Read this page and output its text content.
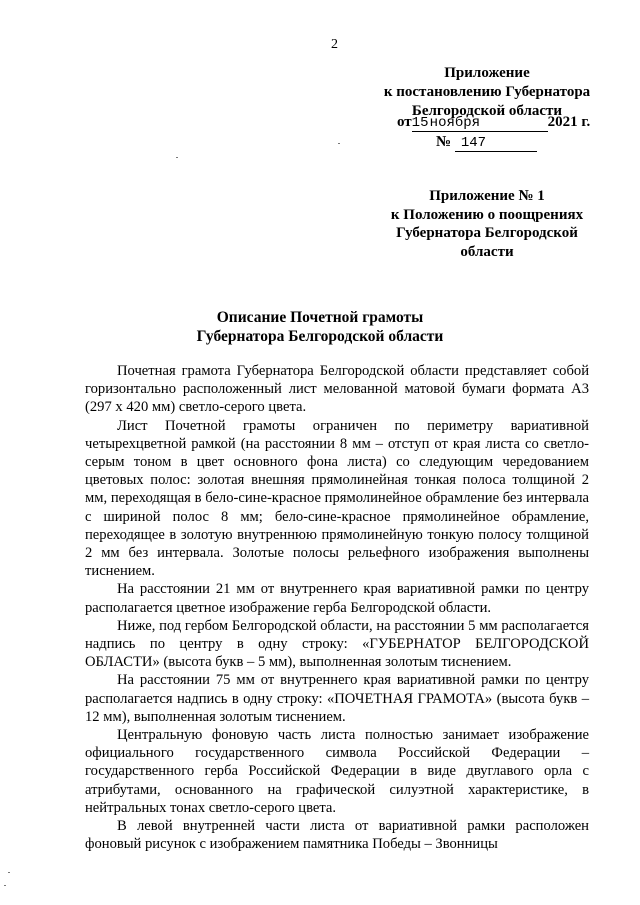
2
Приложение
к постановлению Губернатора
Белгородской области
от15ноября	2021 г.
№ 147
Приложение № 1
к Положению о поощрениях
Губернатора Белгородской
области
Описание Почетной грамоты
Губернатора Белгородской области

Почетная грамота Губернатора Белгородской области представляет собой горизонтально расположенный лист мелованной матовой бумаги формата А3 (297 х 420 мм) светло-серого цвета.

Лист Почетной грамоты ограничен по периметру вариативной четырехцветной рамкой (на расстоянии 8 мм – отступ от края листа со светло-серым тоном в цвет основного фона листа) со следующим чередованием цветовых полос: золотая внешняя прямолинейная тонкая полоса толщиной 2 мм, переходящая в бело-сине-красное прямолинейное обрамление без интервала с шириной полос 8 мм; бело-сине-красное прямолинейное обрамление, переходящее в золотую внутреннюю прямолинейную тонкую полосу толщиной 2 мм без интервала. Золотые полосы рельефного изображения выполнены тиснением.

На расстоянии 21 мм от внутреннего края вариативной рамки по центру располагается цветное изображение герба Белгородской области.

Ниже, под гербом Белгородской области, на расстоянии 5 мм располагается надпись по центру в одну строку: «ГУБЕРНАТОР БЕЛГОРОДСКОЙ ОБЛАСТИ» (высота букв – 5 мм), выполненная золотым тиснением.

На расстоянии 75 мм от внутреннего края вариативной рамки по центру располагается надпись в одну строку: «ПОЧЕТНАЯ ГРАМОТА» (высота букв – 12 мм), выполненная золотым тиснением.

Центральную фоновую часть листа полностью занимает изображение официального государственного символа Российской Федерации – государственного герба Российской Федерации в виде двуглавого орла с атрибутами, основанного на графической силуэтной характеристике, в нейтральных тонах светло-серого цвета.

В левой внутренней части листа от вариативной рамки расположен фоновый рисунок с изображением памятника Победы – Звонницы
